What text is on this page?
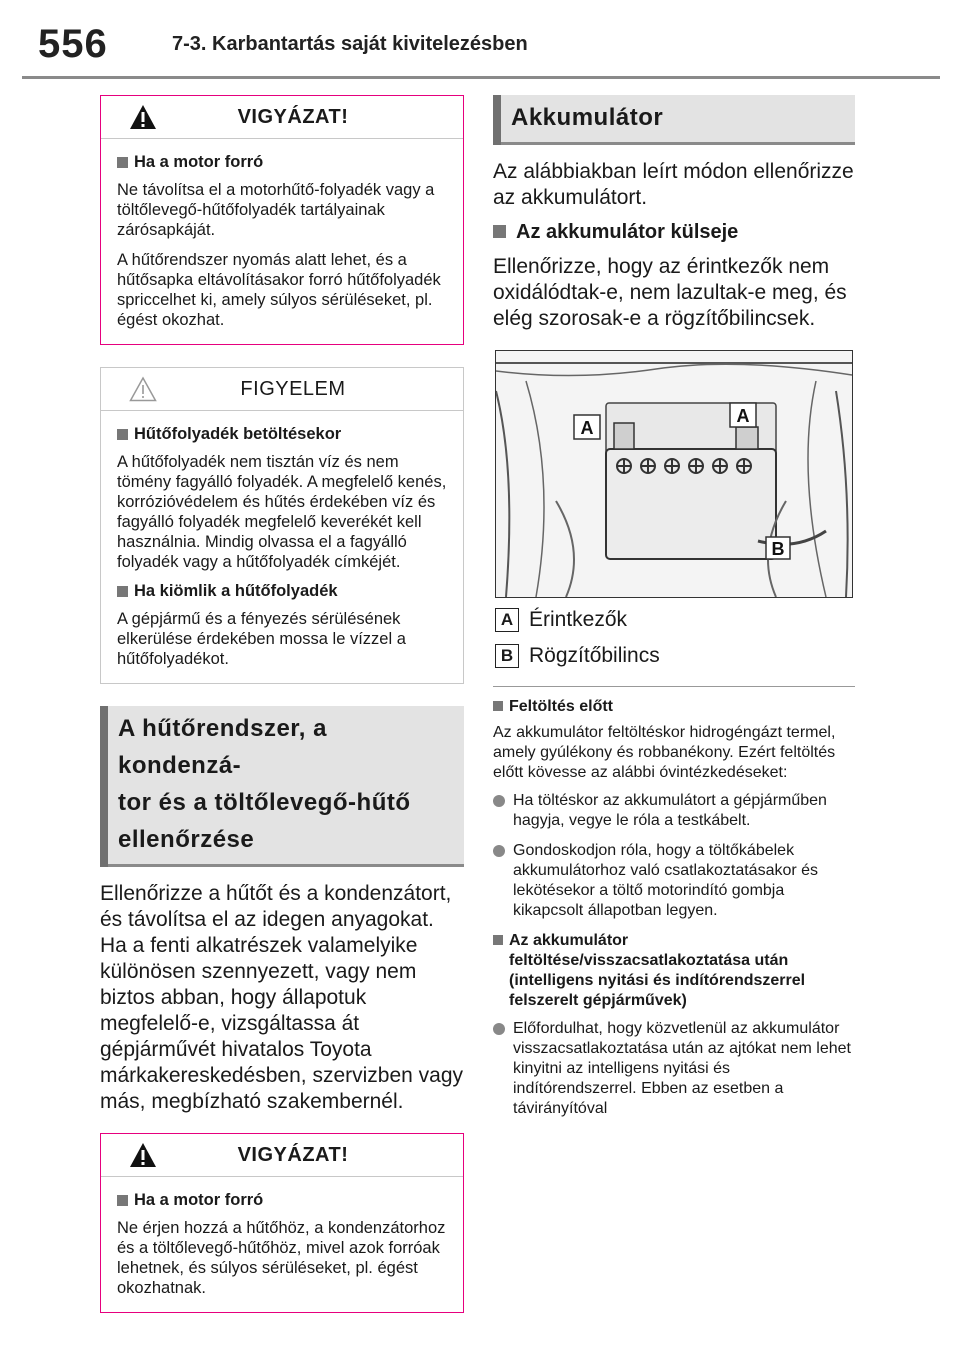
556	7-3. Karbantartás saját kivitelezésben
VIGYÁZAT!
Ha a motor forró

Ne távolítsa el a motorhűtő-folyadék vagy a töltőlevegő-hűtőfolyadék tartályainak zárósapkáját.

A hűtőrendszer nyomás alatt lehet, és a hűtősapka eltávolításakor forró hűtőfolyadék spriccelhet ki, amely súlyos sérüléseket, pl. égést okozhat.

FIGYELEM
Hűtőfolyadék betöltésekor

A hűtőfolyadék nem tisztán víz és nem tömény fagyálló folyadék. A megfelelő kenés, korrózióvédelem és hűtés érdekében víz és fagyálló folyadék megfelelő keverékét kell használnia. Mindig olvassa el a fagyálló folyadék vagy a hűtőfolyadék címkéjét.

Ha kiömlik a hűtőfolyadék

A gépjármű és a fényezés sérülésének elkerülése érdekében mossa le vízzel a hűtőfolyadékot.

A hűtőrendszer, a kondenzá-
tor és a töltőlevegő-hűtő
ellenőrzése

Ellenőrizze a hűtőt és a kondenzátort, és távolítsa el az idegen anyagokat. Ha a fenti alkatrészek valamelyike különösen szennyezett, vagy nem biztos abban, hogy állapotuk megfelelő-e, vizsgáltassa át gépjárművét hivatalos Toyota márkakereskedésben, szervizben vagy más, megbízható szakembernél.

VIGYÁZAT!
Ha a motor forró

Ne érjen hozzá a hűtőhöz, a kondenzátorhoz és a töltőlevegő-hűtőhöz, mivel azok forróak lehetnek, és súlyos sérüléseket, pl. égést okozhatnak.

Akkumulátor

Az alábbiakban leírt módon ellenőrizze az akkumulátort.

Az akkumulátor külseje

Ellenőrizze, hogy az érintkezők nem oxidálódtak-e, nem lazultak-e meg, és elég szorosak-e a rögzítőbilincsek.

A
A
B
A Érintkezők
B Rögzítőbilincs
Feltöltés előtt

Az akkumulátor feltöltéskor hidrogéngázt termel, amely gyúlékony és robbanékony. Ezért feltöltés előtt kövesse az alábbi óvintézkedéseket:

Ha töltéskor az akkumulátort a gépjárműben hagyja, vegye le róla a testkábelt.
Gondoskodjon róla, hogy a töltőkábelek akkumulátorhoz való csatlakoztatásakor és lekötésekor a töltő motorindító gombja kikapcsolt állapotban legyen.
Az akkumulátor feltöltése/visszacsatlakoztatása után (intelligens nyitási és indítórendszerrel felszerelt gépjárművek)
Előfordulhat, hogy közvetlenül az akkumulátor visszacsatlakoztatása után az ajtókat nem lehet kinyitni az intelligens nyitási és indítórendszerrel. Ebben az esetben a távirányítóval
